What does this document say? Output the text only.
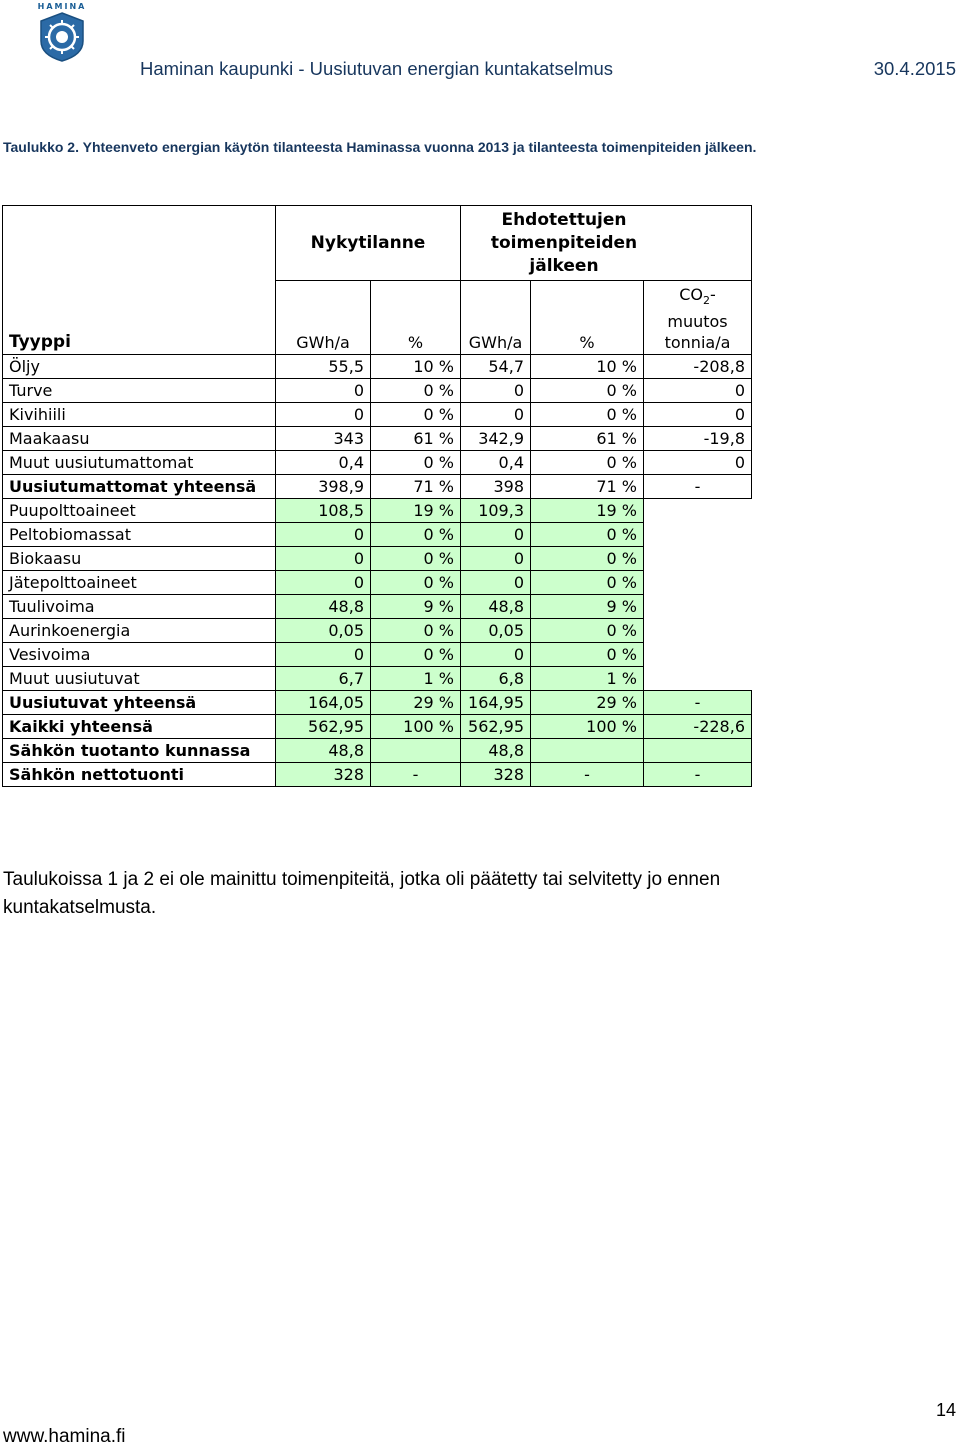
HAMINA
Haminan kaupunki - Uusiutuvan energian kuntakatselmus	30.4.2015
Taulukko 2. Yhteenveto energian käytön tilanteesta Haminassa vuonna 2013 ja tilanteesta toimenpiteiden jälkeen.
	Nykytilanne		Ehdotettujen toimenpiteiden jälkeen		

Tyyppi	GWh/a	%	GWh/a	%	$CO_2-$
muutos
tonnia/a

Öljy	55,5	10 %	54,7	10 %	-208,8
Turve	0	0 %	0	0 %	0
Kivihiili	0	0 %	0	0 %	0
Maakaasu	343	61 %	342,9	61 %	-19,8
Muut uusiutumattomat	0,4	0 %	0,4	0 %	0
Uusiutumattomat yhteensä	398,9	71 %	398	71 %	-
Puupolttoaineet	108,5	19 %	109,3	19 %	
Peltobiomassat	0	0 %	0	0 %	
Biokaasu	0	0 %	0	0 %	
Jätepolttoaineet	0	0 %	0	0 %	
Tuulivoima	48,8	9 %	48,8	9 %	
Aurinkoenergia	0,05	0 %	0,05	0 %	
Vesivoima	0	0 %	0	0 %	
Muut uusiutuvat	6,7	1 %	6,8	1 %	
Uusiutuvat yhteensä	164,05	29 %	164,95	29 %	-
Kaikki yhteensä	562,95	100 %	562,95	100 %	-228,6
Sähkön tuotanto kunnassa	48,8		48,8		
Sähkön nettotuonti	328	-	328	-	-
Taulukoissa 1 ja 2 ei ole mainittu toimenpiteitä, jotka oli päätetty tai selvitetty jo ennen kuntakatselmusta.
14
www.hamina.fi
